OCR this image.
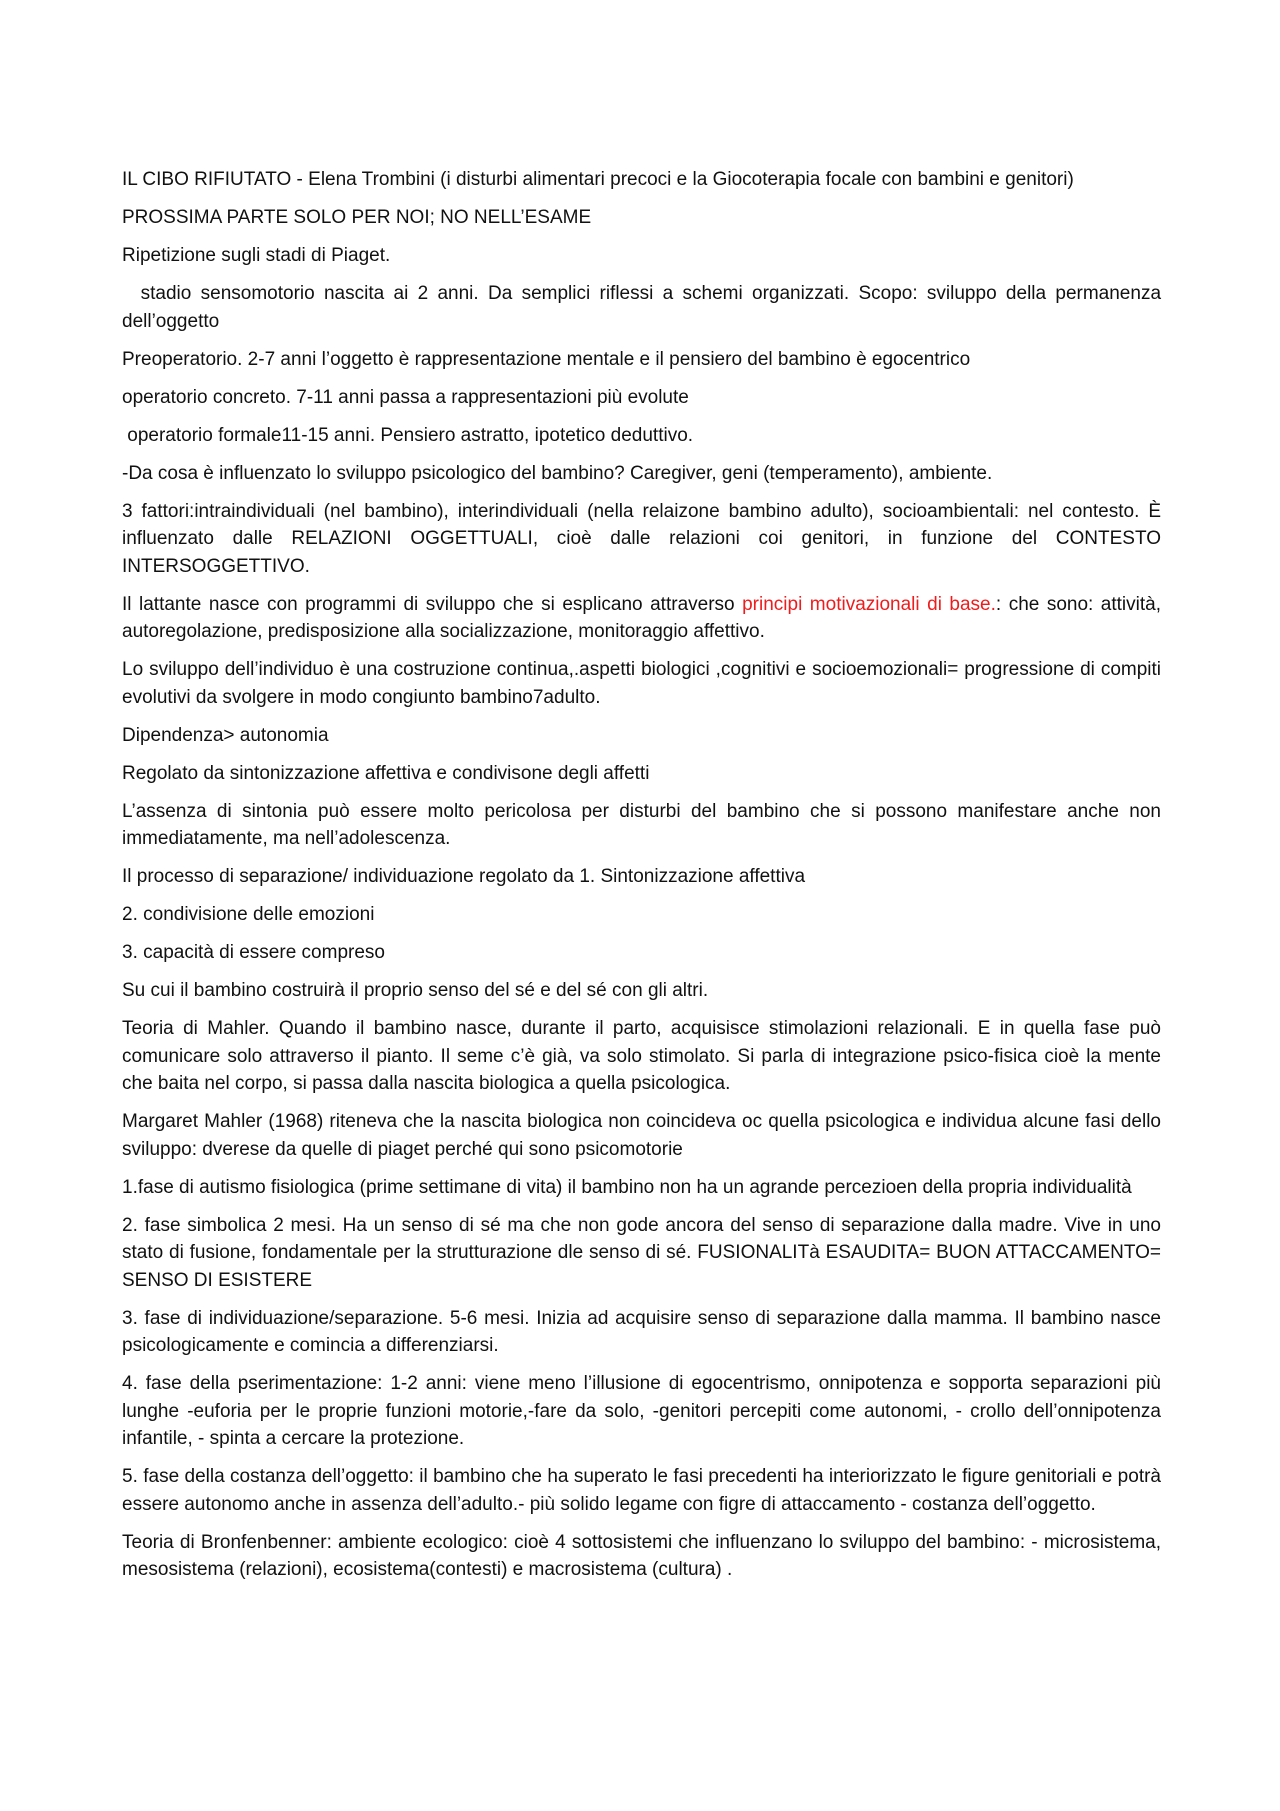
IL CIBO RIFIUTATO - Elena Trombini (i disturbi alimentari precoci e la Giocoterapia focale con bambini e genitori)

PROSSIMA PARTE SOLO PER NOI; NO NELL’ESAME

Ripetizione sugli stadi di Piaget.

stadio sensomotorio nascita ai 2 anni. Da semplici riflessi a schemi organizzati. Scopo: sviluppo della permanenza dell’oggetto

Preoperatorio. 2-7 anni l’oggetto è rappresentazione mentale e il pensiero del bambino è egocentrico

operatorio concreto. 7-11 anni passa a rappresentazioni più evolute

operatorio formale11-15 anni. Pensiero astratto, ipotetico deduttivo.

-Da cosa è influenzato lo sviluppo psicologico del bambino? Caregiver, geni (temperamento), ambiente.

3 fattori:intraindividuali (nel bambino), interindividuali (nella relaizone bambino adulto), socioambientali: nel contesto. È influenzato dalle RELAZIONI OGGETTUALI, cioè dalle relazioni coi genitori, in funzione del CONTESTO INTERSOGGETTIVO.

Il lattante nasce con programmi di sviluppo che si esplicano attraverso principi motivazionali di base.: che sono: attività, autoregolazione, predisposizione alla socializzazione, monitoraggio affettivo.

Lo sviluppo dell’individuo è una costruzione continua,.aspetti biologici ,cognitivi e socioemozionali= progressione di compiti evolutivi da svolgere in modo congiunto bambino7adulto.

Dipendenza> autonomia

Regolato da sintonizzazione affettiva e condivisone degli affetti

L’assenza di sintonia può essere molto pericolosa per disturbi del bambino che si possono manifestare anche non immediatamente, ma nell’adolescenza.

Il processo di separazione/ individuazione regolato da 1. Sintonizzazione affettiva

2. condivisione delle emozioni

3. capacità di essere compreso

Su cui il bambino costruirà il proprio senso del sé e del sé con gli altri.

Teoria di Mahler. Quando il bambino nasce, durante il parto, acquisisce stimolazioni relazionali. E in quella fase può comunicare solo attraverso il pianto. Il seme c’è già, va solo stimolato. Si parla di integrazione psico-fisica cioè la mente che baita nel corpo, si passa dalla nascita biologica a quella psicologica.

Margaret Mahler (1968) riteneva che la nascita biologica non coincideva oc quella psicologica e individua alcune fasi dello sviluppo: dverese da quelle di piaget perché qui sono psicomotorie

1.fase di autismo fisiologica (prime settimane di vita) il bambino non ha un agrande percezioen della propria individualità

2. fase simbolica 2 mesi. Ha un senso di sé ma che non gode ancora del senso di separazione dalla madre. Vive in uno stato di fusione, fondamentale per la strutturazione dle senso di sé. FUSIONALITà ESAUDITA= BUON ATTACCAMENTO= SENSO DI ESISTERE

3. fase di individuazione/separazione. 5-6 mesi. Inizia ad acquisire senso di separazione dalla mamma. Il bambino nasce psicologicamente e comincia a differenziarsi.

4. fase della pserimentazione: 1-2 anni: viene meno l’illusione di egocentrismo, onnipotenza e sopporta separazioni più lunghe -euforia per le proprie funzioni motorie,-fare da solo, -genitori percepiti come autonomi, - crollo dell’onnipotenza infantile, - spinta a cercare la protezione.

5. fase della costanza dell’oggetto: il bambino che ha superato le fasi precedenti ha interiorizzato le figure genitoriali e potrà essere autonomo anche in assenza dell’adulto.- più solido legame con figre di attaccamento - costanza dell’oggetto.

Teoria di Bronfenbenner: ambiente ecologico: cioè 4 sottosistemi che influenzano lo sviluppo del bambino: - microsistema, mesosistema (relazioni), ecosistema(contesti) e macrosistema (cultura) .
